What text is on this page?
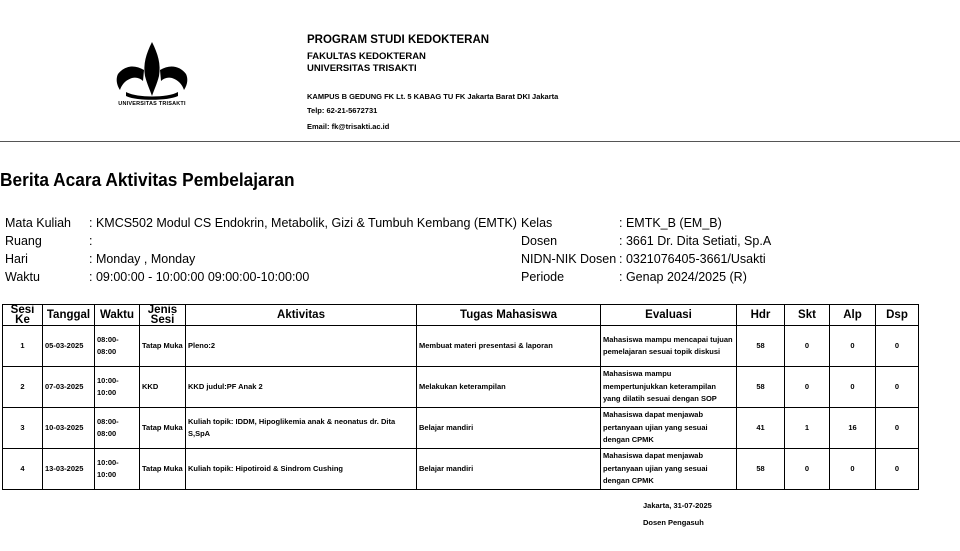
UNIVERSITAS TRISAKTI
PROGRAM STUDI KEDOKTERAN
FAKULTAS KEDOKTERAN
UNIVERSITAS TRISAKTI
KAMPUS B GEDUNG FK Lt. 5 KABAG TU FK Jakarta Barat DKI Jakarta
Telp: 62-21-5672731
Email: fk@trisakti.ac.id
Berita Acara Aktivitas Pembelajaran
Mata Kuliah : KMCS502 Modul CS Endokrin, Metabolik, Gizi & Tumbuh Kembang (EMTK)
Ruang	:
Hari	: Monday , Monday
Waktu	: 09:00:00 - 10:00:00 09:00:00-10:00:00
Kelas	: EMTK_B (EM_B)
Dosen	: 3661 Dr. Dita Setiati, Sp.A
NIDN-NIK Dosen : 0321076405-3661/Usakti
Periode	: Genap 2024/2025 (R)
Sesi Ke	Tanggal	Waktu	Jenis Sesi	Aktivitas	Tugas Mahasiswa	Evaluasi	Hdr	Skt	Alp	Dsp
1	05-03-2025	08:00-08:00	Tatap Muka	Pleno:2	Membuat materi presentasi & laporan	Mahasiswa mampu mencapai tujuan pemelajaran sesuai topik diskusi	58	0	0	0
2	07-03-2025	10:00-10:00	KKD	KKD judul:PF Anak 2	Melakukan keterampilan	Mahasiswa mampu mempertunjukkan keterampilan yang dilatih sesuai dengan SOP	58	0	0	0
3	10-03-2025	08:00-08:00	Tatap Muka	Kuliah topik: IDDM, Hipoglikemia anak & neonatus dr. Dita S,SpA	Belajar mandiri	Mahasiswa dapat menjawab pertanyaan ujian yang sesuai dengan CPMK	41	1	16	0
4	13-03-2025	10:00-10:00	Tatap Muka	Kuliah topik: Hipotiroid & Sindrom Cushing	Belajar mandiri	Mahasiswa dapat menjawab pertanyaan ujian yang sesuai dengan CPMK	58	0	0	0
Jakarta, 31-07-2025
Dosen Pengasuh
